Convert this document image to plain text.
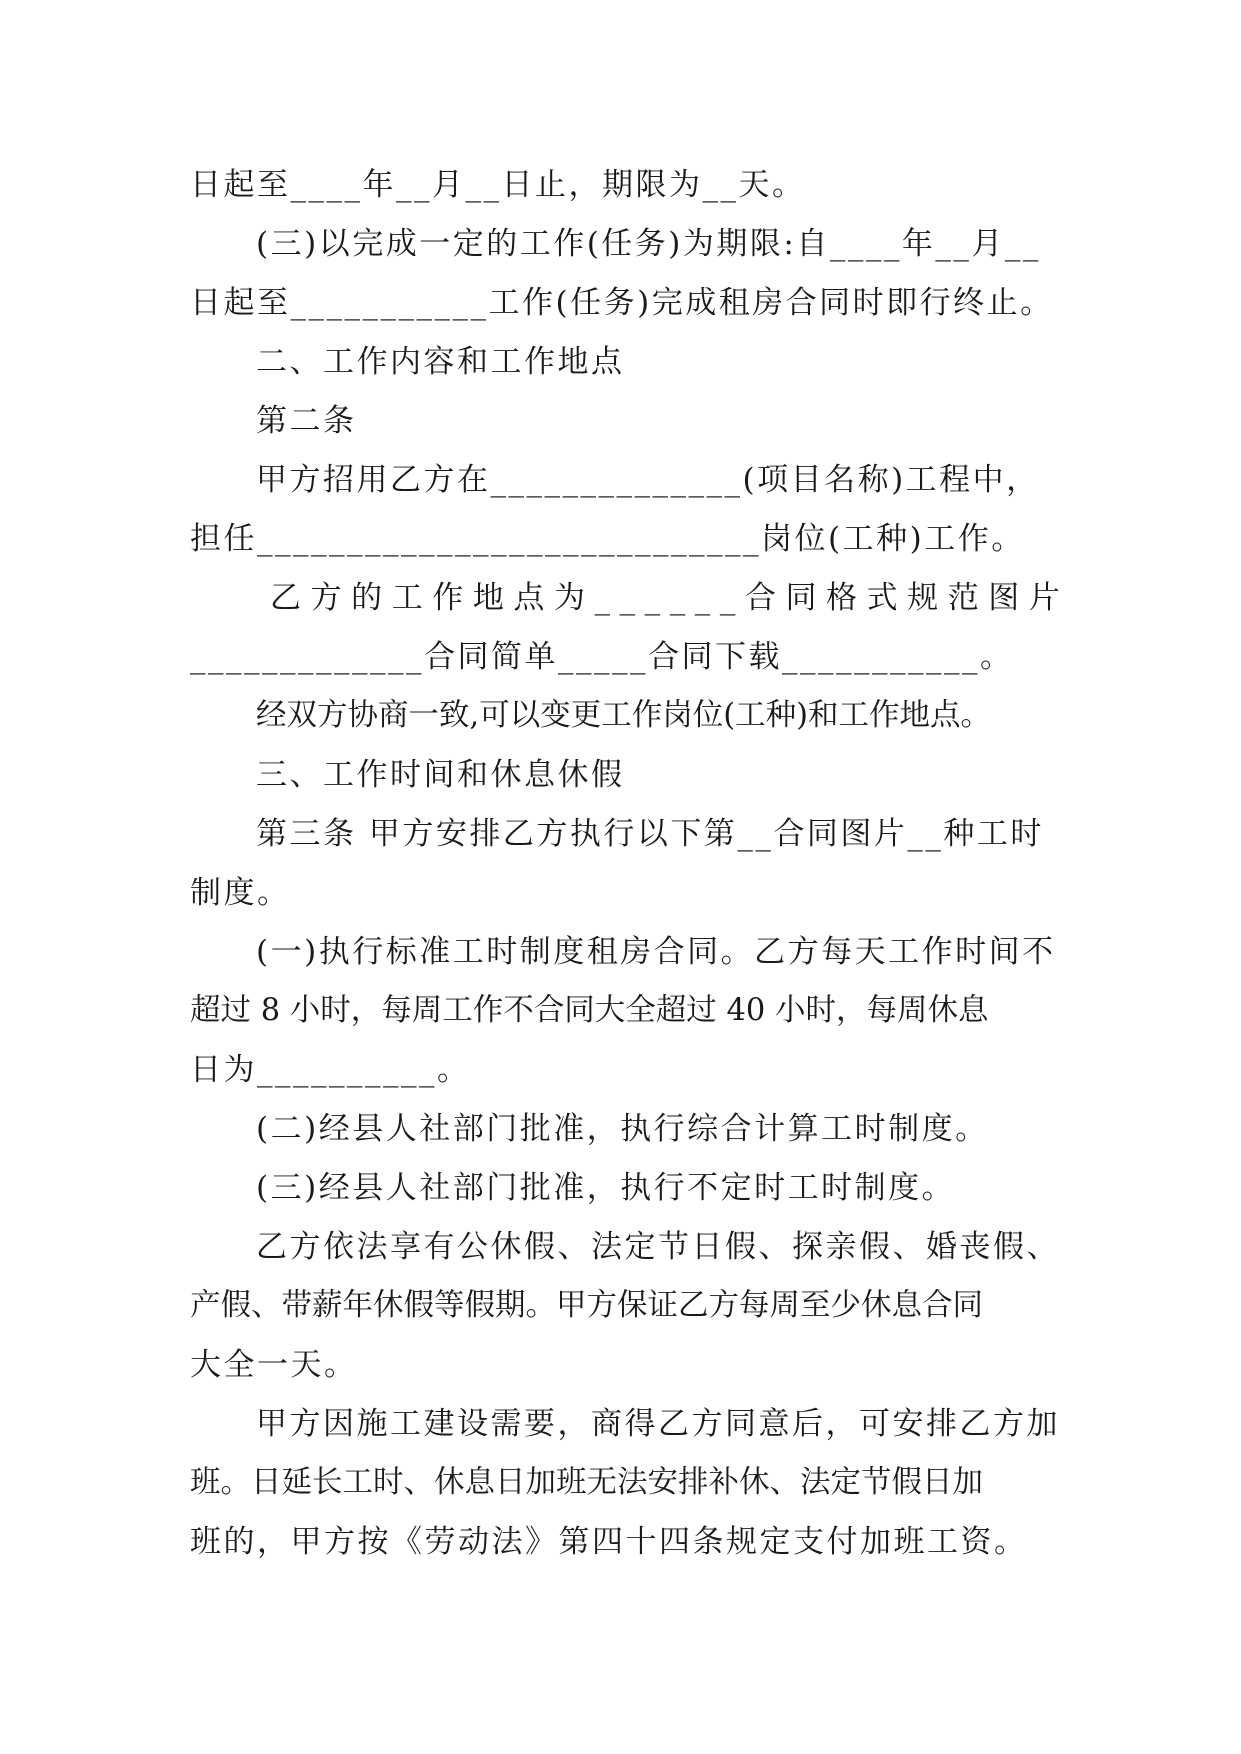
日起至____年__月__日止，期限为__天。
(三)以完成一定的工作(任务)为期限:自____年__月__
日起至___________工作(任务)完成租房合同时即行终止。
二、工作内容和工作地点
第二条
甲方招用乙方在______________(项目名称)工程中，
担任____________________________岗位(工种)工作。
乙 方 的 工 作 地 点 为 _ _ _ _ _ _ 合 同 格 式 规 范 图 片
_____________合同简单_____合同下载___________。
经双方协商一致,可以变更工作岗位(工种)和工作地点。
三、工作时间和休息休假
第三条 甲方安排乙方执行以下第__合同图片__种工时
制度。
(一)执行标准工时制度租房合同。乙方每天工作时间不
超过 8 小时，每周工作不合同大全超过 40 小时，每周休息
日为__________。
(二)经县人社部门批准，执行综合计算工时制度。
(三)经县人社部门批准，执行不定时工时制度。
乙方依法享有公休假、法定节日假、探亲假、婚丧假、
产假、带薪年休假等假期。甲方保证乙方每周至少休息合同
大全一天。
甲方因施工建设需要，商得乙方同意后，可安排乙方加
班。日延长工时、休息日加班无法安排补休、法定节假日加
班的，甲方按《劳动法》第四十四条规定支付加班工资。
